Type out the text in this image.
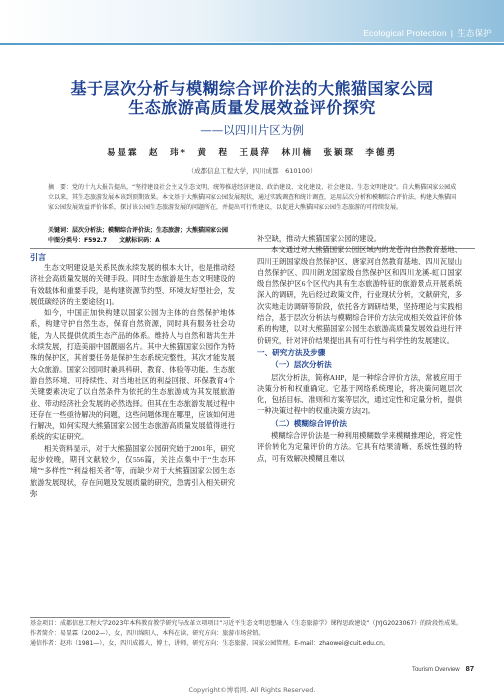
Ecological Protection | 生态保护
基于层次分析与模糊综合评价法的大熊猫国家公园
生态旅游高质量发展效益评价探究
——以四川片区为例
易显霖　赵　玮*　黄　程　王晨萍　林川楠　张颖琛　李德勇
（成都信息工程大学，四川成都　610100）
摘　要：党的十九大报告提出，“坚持建设社会主义生态文明，统筹推进经济建设、政治建设、文化建设、社会建设、生态文明建设”。自大熊猫国家公园成立以来，其生态旅游发展本该到顶期效果。本文基于大熊猫国家公园发展现状，通过实践调查和统计调查，运用层次分析和模糊综合评价法，构建大熊猫国家公园发展效益评价体系，探讨该公园生态旅游发展的问题所在，并提出可行性建议，以促进大熊猫国家公园生态旅游的可持续发展。
关键词：层次分析法；模糊综合评价法；生态旅游；大熊猫国家公园
中图分类号：F592.7　　文献标识码：A
引言

生态文明建设是关系民族永续发展的根本大计，也是推动经济社会高质量发展的关键手段。同时生态旅游是生态文明建设的有效载体和重要手段，是构建资源节约型、环境友好型社会，发展低碳经济的主要途径[1]。

如今，中国正加快构建以国家公园为主体的自然保护地体系，构建守护自然生态，保育自然资源，同时具有服务社会功能，为人民提供优质生态产品的体系。维持人与自然和谐共生并永续发展，打造美丽中国靓丽名片。其中大熊猫国家公园作为特殊的保护区，其首要任务是保护生态系统完整性，其次才能发展大众旅游。国家公园同时兼具科研、教育、体验等功能。生态旅游自然环境、可持续性、对当地社区的利益回报、环保教育4个关键要素决定了以自然条件为依托的生态旅游成为其发展旅游业、带动经济社会发展的必然选择。但其在生态旅游发展过程中还存在一些亟待解决的问题，这些问题体现在哪里，应该如何进行解决，如何实现大熊猫国家公园生态旅游高质量发展值得进行系统的实证研究。

相关资料显示，对于大熊猫国家公园研究始于2001年，研究起步较晚，期刊文献较少，仅556篇，关注点集中于“生态环境”“多样性”“利益相关者”等，而缺少对于大熊猫国家公园生态旅游发展现状，存在问题及发展质量的研究，急需引入相关研究弥

补空缺，推动大熊猫国家公园的建设。

本文通过对大熊猫国家公园区域内的龙苍沟自然教育基地、四川王朗国家级自然保护区、唐家河自然教育基地、四川瓦屋山自然保护区、四川朗龙国家级自然保护区和四川龙溪-虹口国家级自然保护区6个区代内具有生态旅游特征的旅游景点开展系统深入的调研，先后经过政策文件，行业现状分析，文献研究，多次实地走访调研等阶段，依托各方调研结果，坚持理论与实践相结合，基于层次分析法与模糊综合评价方法完成相关效益评价体系的构建，以对大熊猫国家公园生态旅游高质量发展效益进行评价研究，针对评价结果提出具有可行性与科学性的发展建议。

一、研究方法及步骤

（一）层次分析法

层次分析法，简称AHP，是一种综合评价方法，常被应用于决策分析和权重确定。它基于网络系统理论，将决策问题层次化，包括目标、准则和方案等层次，通过定性和定量分析，提供一种决策过程中的权重决策方法[2]。

（二）模糊综合评价法

模糊综合评价法是一种利用模糊数学来模糊推理论，将定性评价转化为定量评价的方法。它具有结果清晰、系统性强的特点，可有效解决模糊且难以

基金项目：成都信息工程大学2023年本科教育教学研究与改革立项项目“习近平生态文明思想融入《生态旅游学》课程思政建设”（JYJG2023067）的阶段性成果。
作者简介：易显霖（2002—），女，四川绵阳人，本科在读，研究方向：旅游市场营销。
通信作者：赵玮（1981—），女，四川成都人，博士，讲师，研究方向：生态旅游、国家公园管理。E-mail：zhaowei@cuit.edu.cn。
Tourism Overview 87
Copyright©博看网. All Rights Reserved.
